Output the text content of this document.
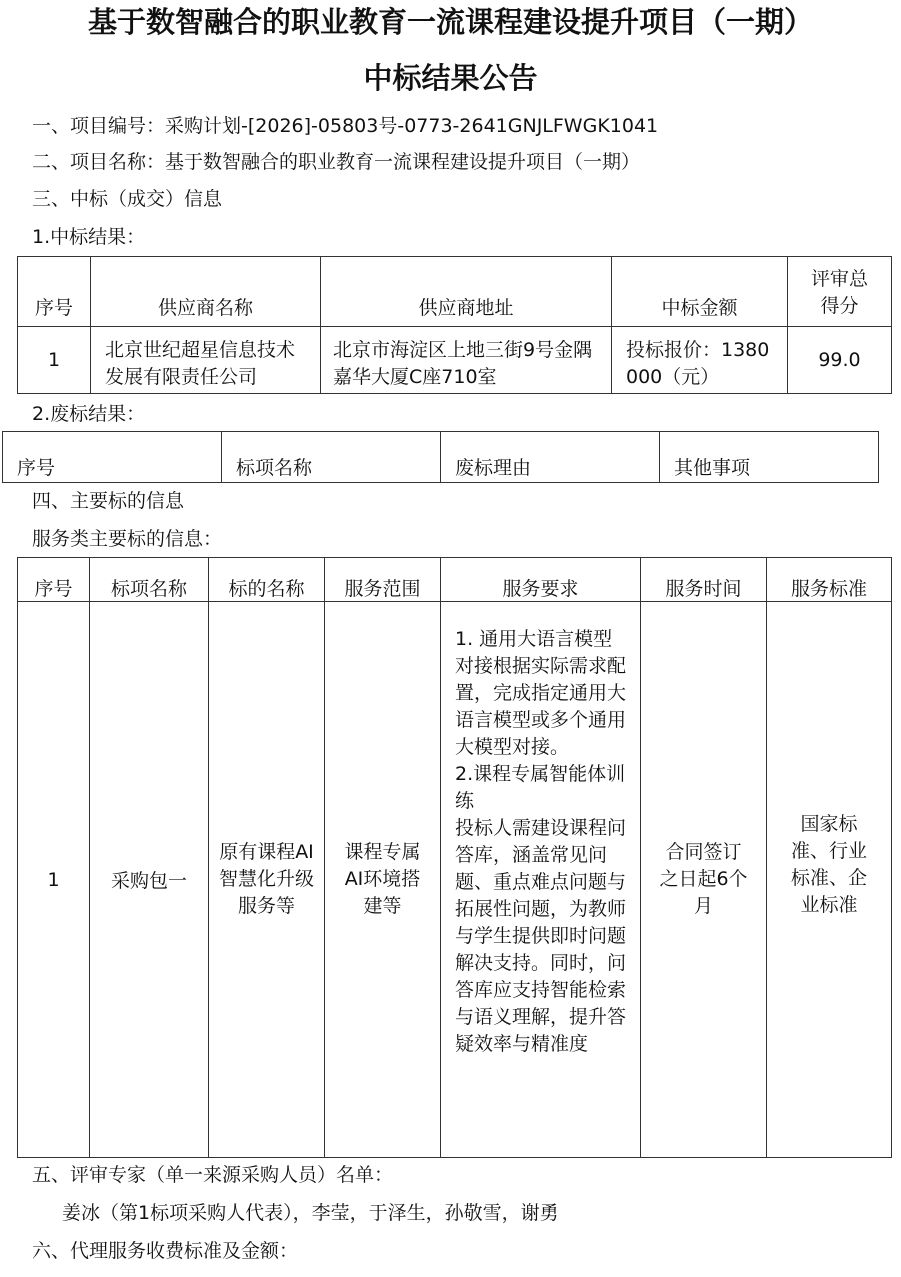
基于数智融合的职业教育一流课程建设提升项目（一期）
中标结果公告
一、项目编号：采购计划-[2026]-05803号-0773-2641GNJLFWGK1041
二、项目名称：基于数智融合的职业教育一流课程建设提升项目（一期）
三、中标（成交）信息
1.中标结果：
序号	供应商名称	供应商地址	中标金额	评审总得分
1	北京世纪超星信息技术发展有限责任公司	北京市海淀区上地三街9号金隅嘉华大厦C座710室	投标报价：1380000（元）	99.0
2.废标结果：
序号	标项名称	废标理由	其他事项
四、主要标的信息
服务类主要标的信息：
序号	标项名称	标的名称	服务范围	服务要求	服务时间	服务标准
1	采购包一	原有课程AI智慧化升级服务等	课程专属AI环境搭建等	1. 通用大语言模型对接根据实际需求配置，完成指定通用大语言模型或多个通用大模型对接。
2.课程专属智能体训练
投标人需建设课程问答库，涵盖常见问题、重点难点问题与拓展性问题，为教师与学生提供即时问题解决支持。同时，问答库应支持智能检索与语义理解，提升答疑效率与精准度	合同签订之日起6个月	国家标准、行业标准、企业标准
五、评审专家（单一来源采购人员）名单：
姜冰（第1标项采购人代表），李莹，于泽生，孙敬雪，谢勇
六、代理服务收费标准及金额：
